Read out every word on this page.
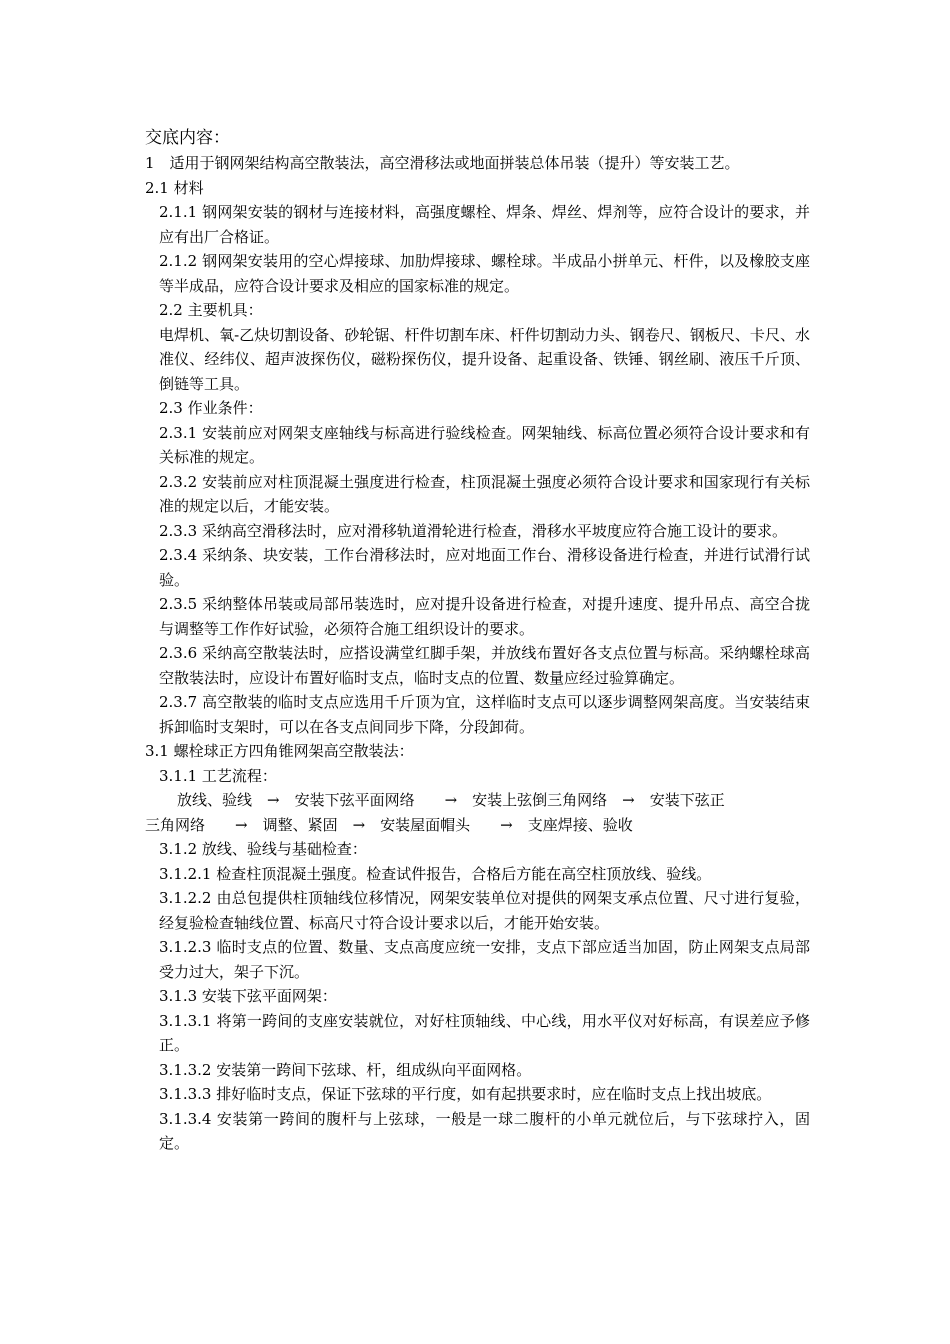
交底内容：

1　适用于钢网架结构高空散装法，高空滑移法或地面拼装总体吊装（提升）等安装工艺。

2.1 材料

2.1.1 钢网架安装的钢材与连接材料，高强度螺栓、焊条、焊丝、焊剂等，应符合设计的要求，并应有出厂合格证。

2.1.2 钢网架安装用的空心焊接球、加肋焊接球、螺栓球。半成品小拼单元、杆件，以及橡胶支座等半成品，应符合设计要求及相应的国家标准的规定。

2.2 主要机具：

电焊机、氧-乙炔切割设备、砂轮锯、杆件切割车床、杆件切割动力头、钢卷尺、钢板尺、卡尺、水准仪、经纬仪、超声波探伤仪，磁粉探伤仪，提升设备、起重设备、铁锤、钢丝刷、液压千斤顶、倒链等工具。

2.3 作业条件：

2.3.1 安装前应对网架支座轴线与标高进行验线检查。网架轴线、标高位置必须符合设计要求和有关标准的规定。

2.3.2 安装前应对柱顶混凝土强度进行检查，柱顶混凝土强度必须符合设计要求和国家现行有关标准的规定以后，才能安装。

2.3.3 采纳高空滑移法时，应对滑移轨道滑轮进行检查，滑移水平坡度应符合施工设计的要求。

2.3.4 采纳条、块安装，工作台滑移法时，应对地面工作台、滑移设备进行检查，并进行试滑行试验。

2.3.5 采纳整体吊装或局部吊装选时，应对提升设备进行检查，对提升速度、提升吊点、高空合拢与调整等工作作好试验，必须符合施工组织设计的要求。

2.3.6 采纳高空散装法时，应搭设满堂红脚手架，并放线布置好各支点位置与标高。采纳螺栓球高空散装法时，应设计布置好临时支点，临时支点的位置、数量应经过验算确定。

2.3.7 高空散装的临时支点应选用千斤顶为宜，这样临时支点可以逐步调整网架高度。当安装结束拆卸临时支架时，可以在各支点间同步下降，分段卸荷。

3.1 螺栓球正方四角锥网架高空散装法：

3.1.1 工艺流程：

放线、验线　→　安装下弦平面网络　　→　安装上弦倒三角网络　→　安装下弦正

三角网络　　→　调整、紧固　→　安装屋面帽头　　→　支座焊接、验收

3.1.2 放线、验线与基础检查：

3.1.2.1 检查柱顶混凝土强度。检查试件报告，合格后方能在高空柱顶放线、验线。

3.1.2.2 由总包提供柱顶轴线位移情况，网架安装单位对提供的网架支承点位置、尺寸进行复验，经复验检查轴线位置、标高尺寸符合设计要求以后，才能开始安装。

3.1.2.3 临时支点的位置、数量、支点高度应统一安排，支点下部应适当加固，防止网架支点局部受力过大，架子下沉。

3.1.3 安装下弦平面网架：

3.1.3.1 将第一跨间的支座安装就位，对好柱顶轴线、中心线，用水平仪对好标高，有误差应予修正。

3.1.3.2 安装第一跨间下弦球、杆，组成纵向平面网格。

3.1.3.3 排好临时支点，保证下弦球的平行度，如有起拱要求时，应在临时支点上找出坡底。

3.1.3.4 安装第一跨间的腹杆与上弦球，一般是一球二腹杆的小单元就位后，与下弦球拧入，固定。
